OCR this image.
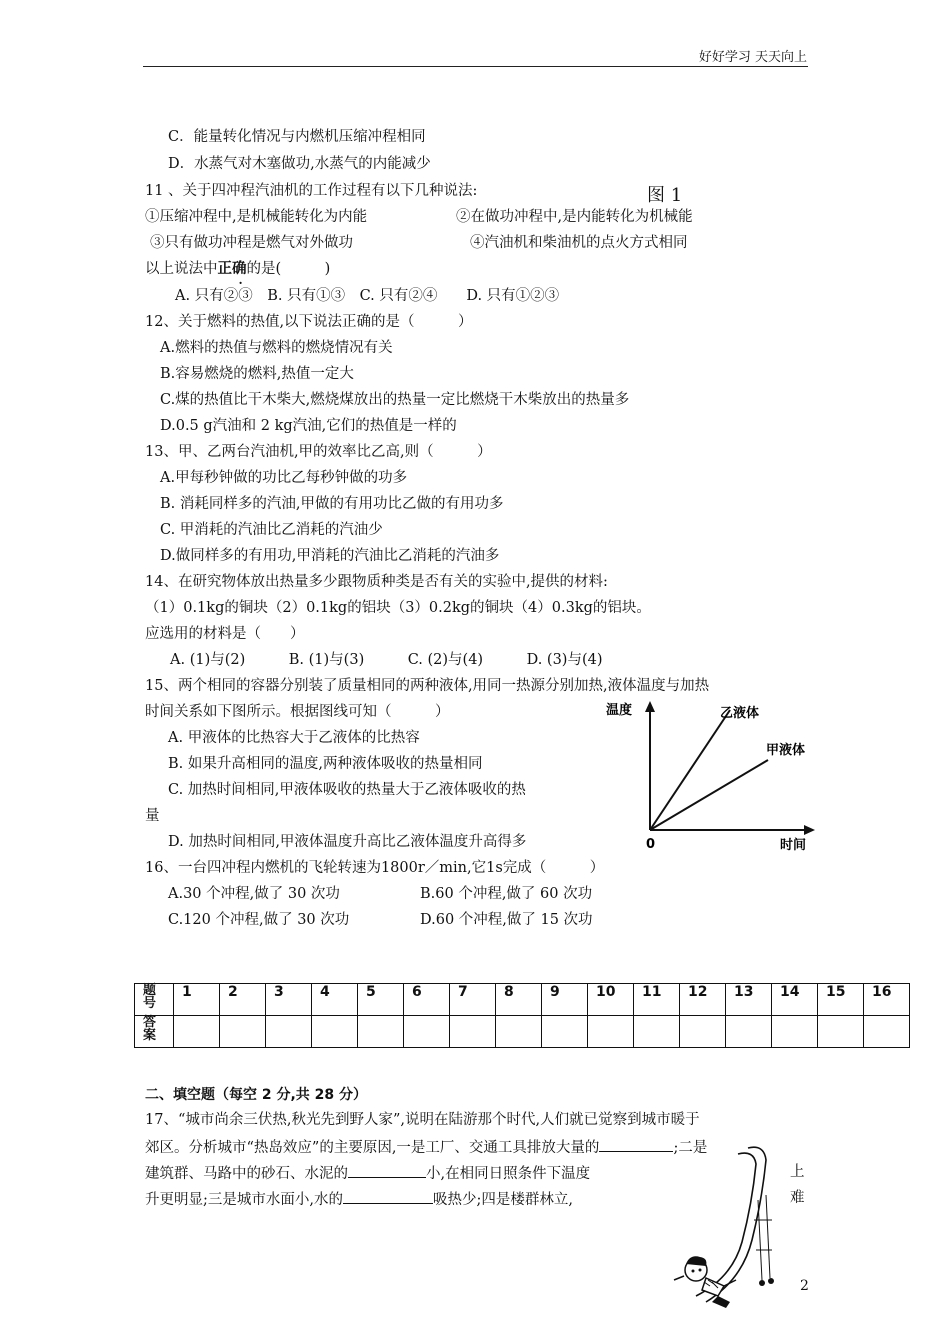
好好学习 天天向上
C．能量转化情况与内燃机压缩冲程相同
D．水蒸气对木塞做功,水蒸气的内能减少
11 、关于四冲程汽油机的工作过程有以下几种说法:	图 1
①压缩冲程中,是机械能转化为内能	②在做功冲程中,是内能转化为机械能
③只有做功冲程是燃气对外做功	④汽油机和柴油机的点火方式相同
以上说法中正确的是(　　　)
A. 只有②③　B. 只有①③　C. 只有②④　　D. 只有①②③
12、关于燃料的热值,以下说法正确的是（　　　）
A.燃料的热值与燃料的燃烧情况有关
B.容易燃烧的燃料,热值一定大
C.煤的热值比干木柴大,燃烧煤放出的热量一定比燃烧干木柴放出的热量多
D.0.5 g汽油和 2 kg汽油,它们的热值是一样的
13、甲、乙两台汽油机,甲的效率比乙高,则（　　　）
A.甲每秒钟做的功比乙每秒钟做的功多
B. 消耗同样多的汽油,甲做的有用功比乙做的有用功多
C. 甲消耗的汽油比乙消耗的汽油少
D.做同样多的有用功,甲消耗的汽油比乙消耗的汽油多
14、在研究物体放出热量多少跟物质种类是否有关的实验中,提供的材料:
（1）0.1kg的铜块（2）0.1kg的铝块（3）0.2kg的铜块（4）0.3kg的铝块。
应选用的材料是（　　）
A. (1)与(2)　　　B. (1)与(3)　　　C. (2)与(4)　　　D. (3)与(4)
15、两个相同的容器分别装了质量相同的两种液体,用同一热源分别加热,液体温度与加热
时间关系如下图所示。根据图线可知（　　　）
A. 甲液体的比热容大于乙液体的比热容
B. 如果升高相同的温度,两种液体吸收的热量相同
C. 加热时间相同,甲液体吸收的热量大于乙液体吸收的热
量
D. 加热时间相同,甲液体温度升高比乙液体温度升高得多
温度	乙液体
甲液体
0	时间
16、一台四冲程内燃机的飞轮转速为1800r／min,它1s完成（　　　）
A.30 个冲程,做了 30 次功	B.60 个冲程,做了 60 次功
C.120 个冲程,做了 30 次功	D.60 个冲程,做了 15 次功
题
号	1	2	3	4	5	6	7	8	9	10	11	12	13	14	15	16
答
案																
二、填空题（每空 2 分,共 28 分）
17、“城市尚余三伏热,秋光先到野人家”,说明在陆游那个时代,人们就已觉察到城市暖于
郊区。分析城市“热岛效应”的主要原因,一是工厂、交通工具排放大量的	;二是
建筑群、马路中的砂石、水泥的	小,在相同日照条件下温度	上
升更明显;三是城市水面小,水的	吸热少;四是楼群林立,	难
2
